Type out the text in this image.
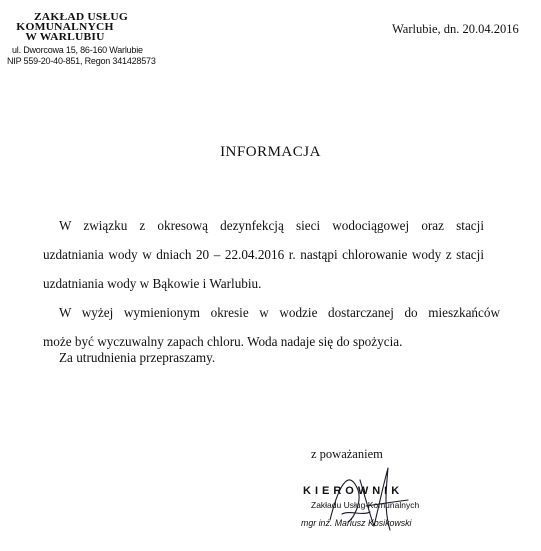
ZAKŁAD USŁUG
KOMUNALNYCH
W WARLUBIU
ul. Dworcowa 15, 86-160 Warlubie
NIP 559-20-40-851, Regon 341428573
Warlubie, dn. 20.04.2016
INFORMACJA
W związku z okresową dezynfekcją sieci wodociągowej oraz stacji
uzdatniania wody w dniach 20 – 22.04.2016 r. nastąpi chlorowanie wody z stacji
uzdatniania wody w Bąkowie i Warlubiu.
W wyżej wymienionym okresie w wodzie dostarczanej do mieszkańców
może być wyczuwalny zapach chloru. Woda nadaje się do spożycia.
Za utrudnienia przepraszamy.
z poważaniem
KIEROWNIK
Zakładu Usług Komunalnych
mgr inż. Mariusz Kosikowski
